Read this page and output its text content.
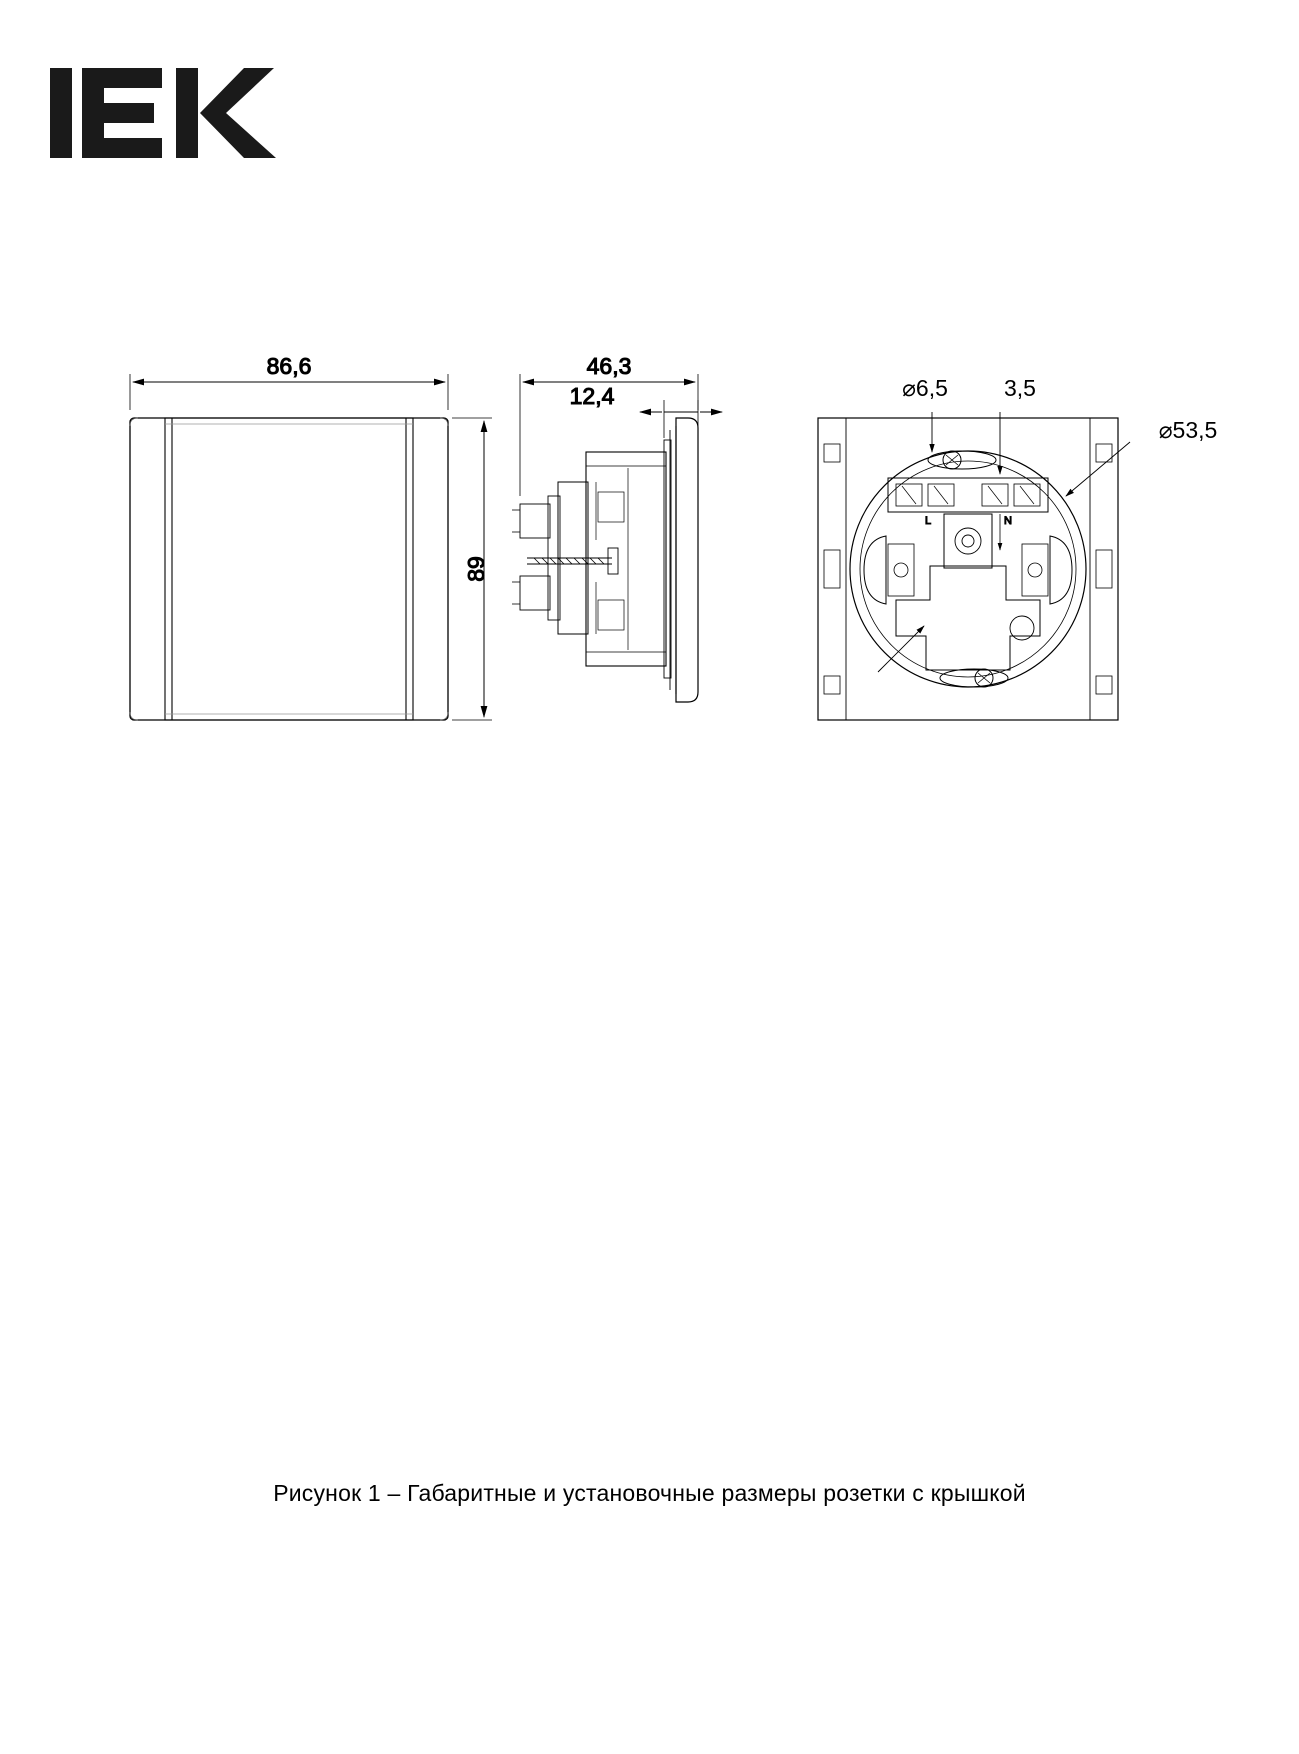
86,6
89
46,3
12,4
L	N
⌀6,5 3,5
⌀53,5
Рисунок 1 – Габаритные и установочные размеры розетки с крышкой
